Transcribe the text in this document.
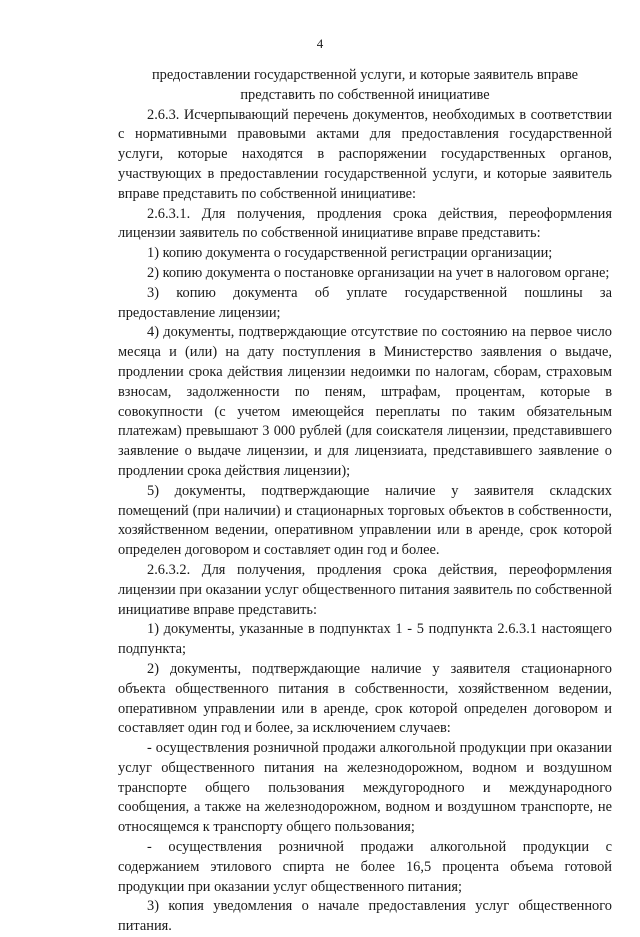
4

предоставлении государственной услуги, и которые заявитель вправе

представить по собственной инициативе

2.6.3. Исчерпывающий перечень документов, необходимых в соответствии с нормативными правовыми актами для предоставления государственной услуги, которые находятся в распоряжении государственных органов, участвующих в предоставлении государственной услуги, и которые заявитель вправе представить по собственной инициативе:

2.6.3.1. Для получения, продления срока действия, переоформления лицензии заявитель по собственной инициативе вправе представить:

1) копию документа о государственной регистрации организации;

2) копию документа о постановке организации на учет в налоговом органе;

3) копию документа об уплате государственной пошлины за предоставление лицензии;

4) документы, подтверждающие отсутствие по состоянию на первое число месяца и (или) на дату поступления в Министерство заявления о выдаче, продлении срока действия лицензии недоимки по налогам, сборам, страховым взносам, задолженности по пеням, штрафам, процентам, которые в совокупности (с учетом имеющейся переплаты по таким обязательным платежам) превышают 3 000 рублей (для соискателя лицензии, представившего заявление о выдаче лицензии, и для лицензиата, представившего заявление о продлении срока действия лицензии);

5) документы, подтверждающие наличие у заявителя складских помещений (при наличии) и стационарных торговых объектов в собственности, хозяйственном ведении, оперативном управлении или в аренде, срок которой определен договором и составляет один год и более.

2.6.3.2. Для получения, продления срока действия, переоформления лицензии при оказании услуг общественного питания заявитель по собственной инициативе вправе представить:

1) документы, указанные в подпунктах 1 - 5 подпункта 2.6.3.1 настоящего подпункта;

2) документы, подтверждающие наличие у заявителя стационарного объекта общественного питания в собственности, хозяйственном ведении, оперативном управлении или в аренде, срок которой определен договором и составляет один год и более, за исключением случаев:

- осуществления розничной продажи алкогольной продукции при оказании услуг общественного питания на железнодорожном, водном и воздушном транспорте общего пользования междугородного и международного сообщения, а также на железнодорожном, водном и воздушном транспорте, не относящемся к транспорту общего пользования;

- осуществления розничной продажи алкогольной продукции с содержанием этилового спирта не более 16,5 процента объема готовой продукции при оказании услуг общественного питания;

3) копия уведомления о начале предоставления услуг общественного питания.
